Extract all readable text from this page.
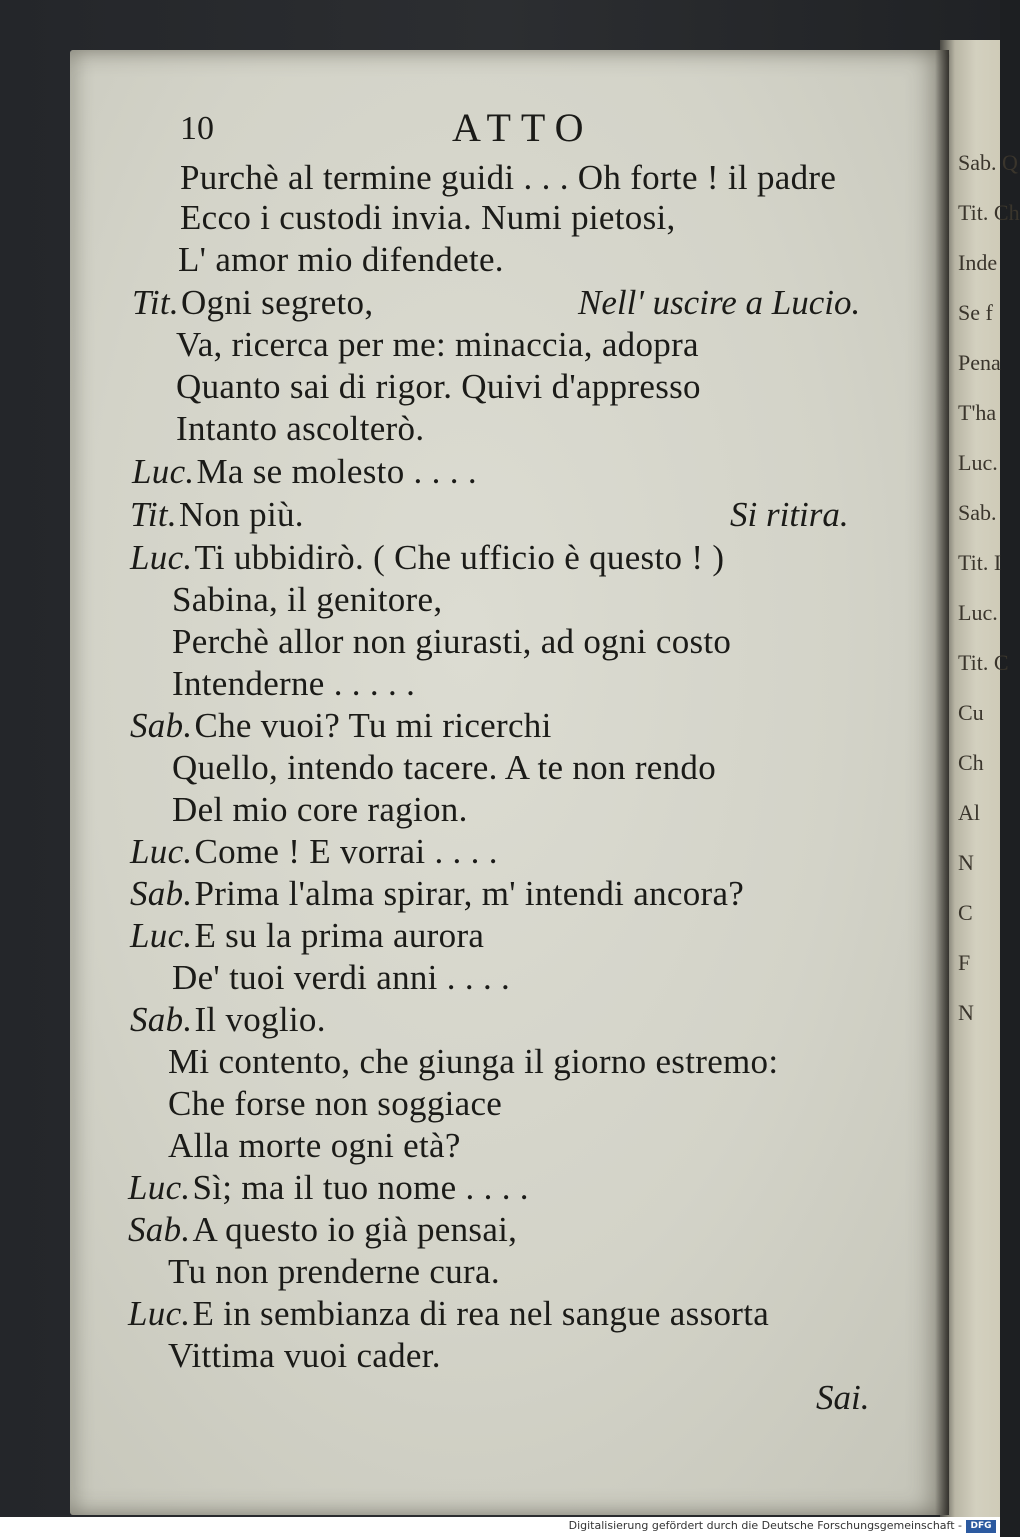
Sab. Q
Tit. Ch
Inde
Se f
Pena
T'ha
Luc.
Sab.
Tit. I
Luc.
Tit. C
Cu
Ch
Al
N
C
F
N
10	ATTO
Purchè al termine guidi . . . Oh forte ! il padre
Ecco i custodi invia. Numi pietosi,
L' amor mio difendete.
Tit.Ogni segreto,	Nell' uscire a Lucio.
Va, ricerca per me: minaccia, adopra
Quanto sai di rigor. Quivi d'appresso
Intanto ascolterò.
Luc.Ma se molesto . . . .
Tit.Non più.	Si ritira.
Luc.Ti ubbidirò. ( Che ufficio è questo ! )
Sabina, il genitore,
Perchè allor non giurasti, ad ogni costo
Intenderne . . . . .
Sab.Che vuoi? Tu mi ricerchi
Quello, intendo tacere. A te non rendo
Del mio core ragion.
Luc.Come ! E vorrai . . . .
Sab.Prima l'alma spirar, m' intendi ancora?
Luc.E su la prima aurora
De' tuoi verdi anni . . . .
Sab.Il voglio.
Mi contento, che giunga il giorno estremo:
Che forse non soggiace
Alla morte ogni età?
Luc.Sì; ma il tuo nome . . . .
Sab.A questo io già pensai,
Tu non prenderne cura.
Luc.E in sembianza di rea nel sangue assorta
Vittima vuoi cader.
Sai.
Digitalisierung gefördert durch die Deutsche Forschungsgemeinschaft - DFG
